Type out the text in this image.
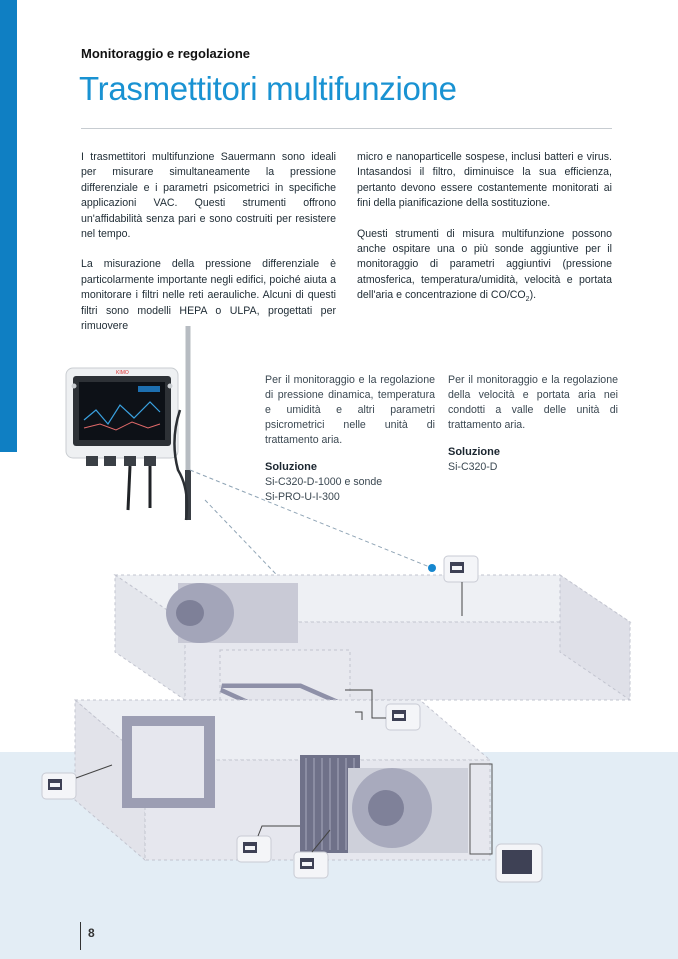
Monitoraggio e regolazione
Trasmettitori multifunzione

I trasmettitori multifunzione Sauermann sono ideali per misurare simultaneamente la pressione differenziale e i parametri psicometrici in specifiche applicazioni VAC. Questi strumenti offrono un'affidabilità senza pari e sono costruiti per resistere nel tempo.

La misurazione della pressione differenziale è particolarmente importante negli edifici, poiché aiuta a monitorare i filtri nelle reti aerauliche. Alcuni di questi filtri sono modelli HEPA o ULPA, progettati per rimuovere

micro e nanoparticelle sospese, inclusi batteri e virus. Intasandosi il filtro, diminuisce la sua efficienza, pertanto devono essere costantemente monitorati ai fini della pianificazione della sostituzione.

Questi strumenti di misura multifunzione possono anche ospitare una o più sonde aggiuntive per il monitoraggio di parametri aggiuntivi (pressione atmosferica, temperatura/umidità, velocità e portata dell'aria e concentrazione di $CO/CO_2$).

Per il monitoraggio e la regolazione di pressione dinamica, temperatura e umidità e altri parametri psicrometrici nelle unità di trattamento aria.

Soluzione

Si-C320-D-1000 e sonde

Si-PRO-U-I-300

Per il monitoraggio e la regolazione della velocità e portata aria nei condotti a valle delle unità di trattamento aria.

Soluzione

Si-C320-D

KIMO
8
